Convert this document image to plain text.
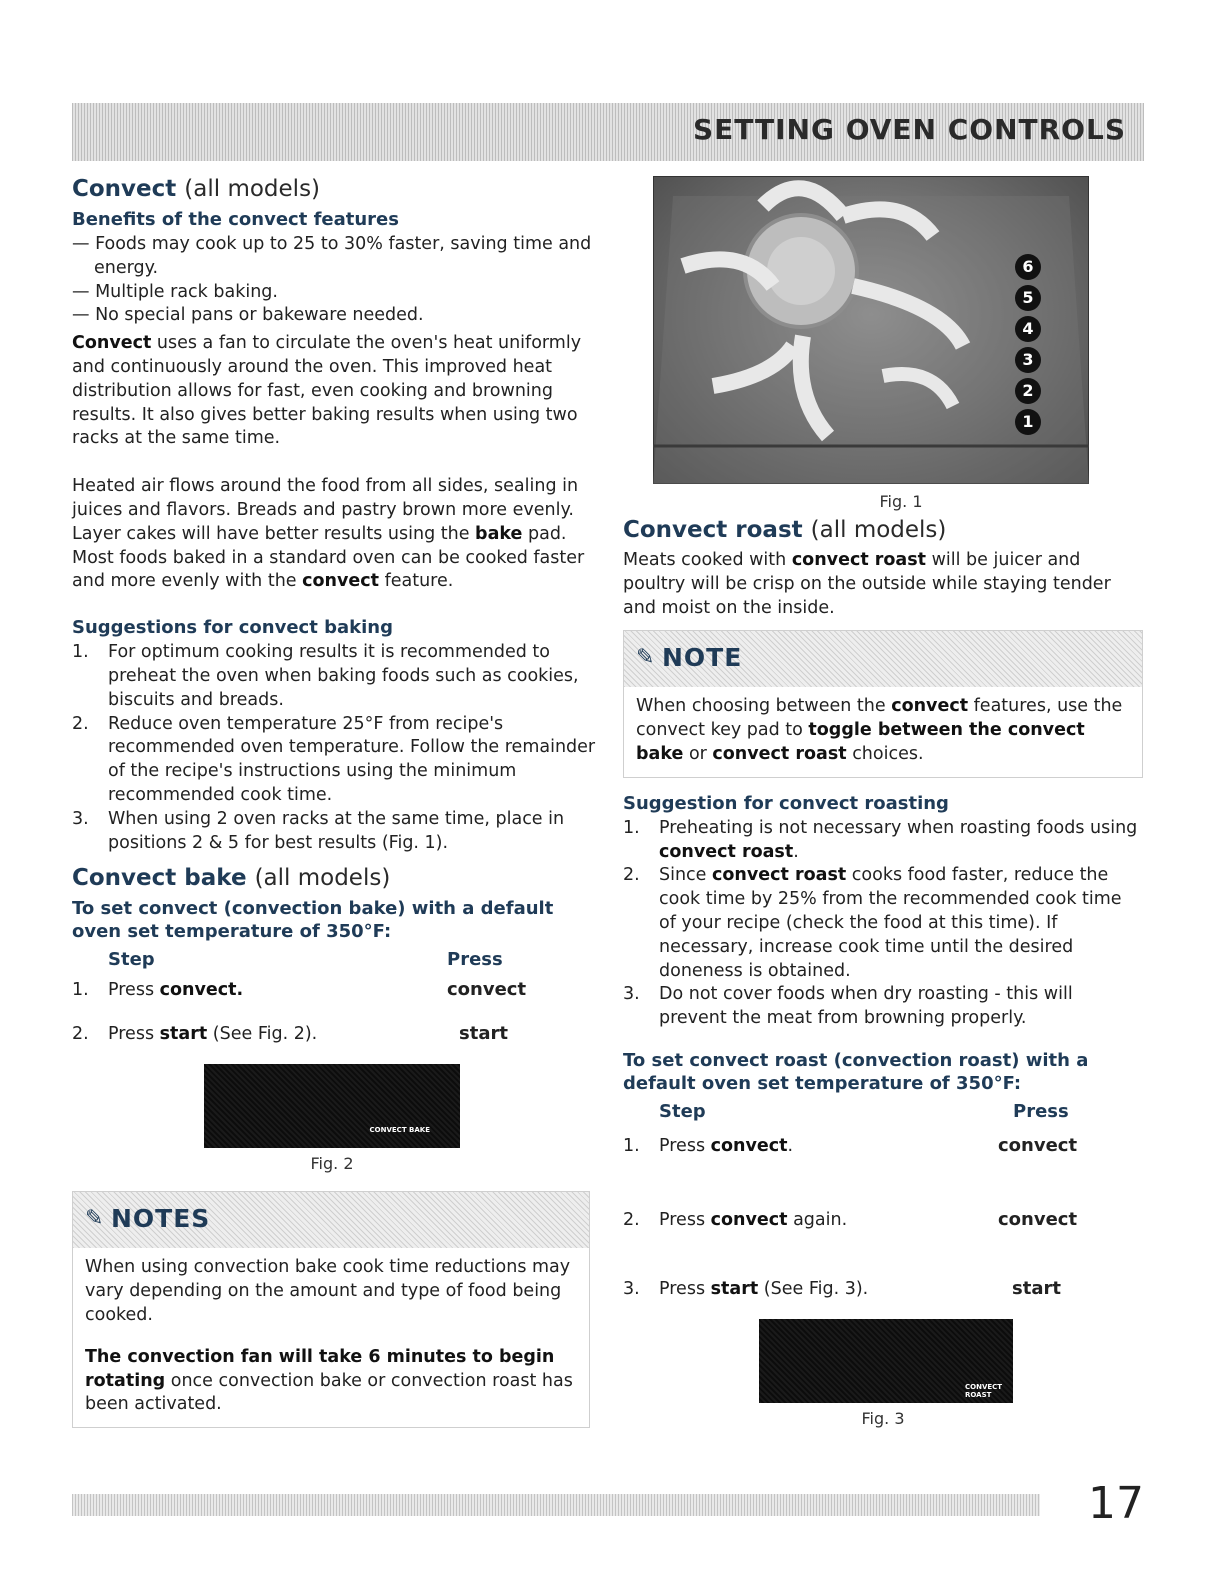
SETTING OVEN CONTROLS
Convect (all models)
Benefits of the convect features
— Foods may cook up to 25 to 30% faster, saving time and energy.
— Multiple rack baking.
— No special pans or bakeware needed.

Convect uses a fan to circulate the oven's heat uniformly and continuously around the oven. This improved heat distribution allows for fast, even cooking and browning results. It also gives better baking results when using two racks at the same time.

Heated air flows around the food from all sides, sealing in juices and flavors. Breads and pastry brown more evenly. Layer cakes will have better results using the bake pad. Most foods baked in a standard oven can be cooked faster and more evenly with the convect feature.

Suggestions for convect baking
1. For optimum cooking results it is recommended to preheat the oven when baking foods such as cookies, biscuits and breads.
2. Reduce oven temperature 25°F from recipe's recommended oven temperature. Follow the remainder of the recipe's instructions using the minimum recommended cook time.
3. When using 2 oven racks at the same time, place in positions 2 & 5 for best results (Fig. 1).
Convect bake (all models)
To set convect (convection bake) with a default oven set temperature of 350°F:
Step	Press
1.	Press convect.	convect
2.	Press start (See Fig. 2).	start
CONVECT BAKE
Fig. 2
✎ NOTES

When using convection bake cook time reductions may vary depending on the amount and type of food being cooked.

The convection fan will take 6 minutes to begin rotating once convection bake or convection roast has been activated.

6
5
4
3
2
1
Fig. 1
Convect roast (all models)

Meats cooked with convect roast will be juicer and poultry will be crisp on the outside while staying tender and moist on the inside.

✎ NOTE

When choosing between the convect features, use the convect key pad to toggle between the convect bake or convect roast choices.

Suggestion for convect roasting
1. Preheating is not necessary when roasting foods using convect roast.
2. Since convect roast cooks food faster, reduce the cook time by 25% from the recommended cook time of your recipe (check the food at this time). If necessary, increase cook time until the desired doneness is obtained.
3. Do not cover foods when dry roasting - this will prevent the meat from browning properly.
To set convect roast (convection roast) with a default oven set temperature of 350°F:
Step	Press
1.	Press convect.	convect
2.	Press convect again.	convect
3.	Press start (See Fig. 3).	start
CONVECT

ROAST
Fig. 3
17
